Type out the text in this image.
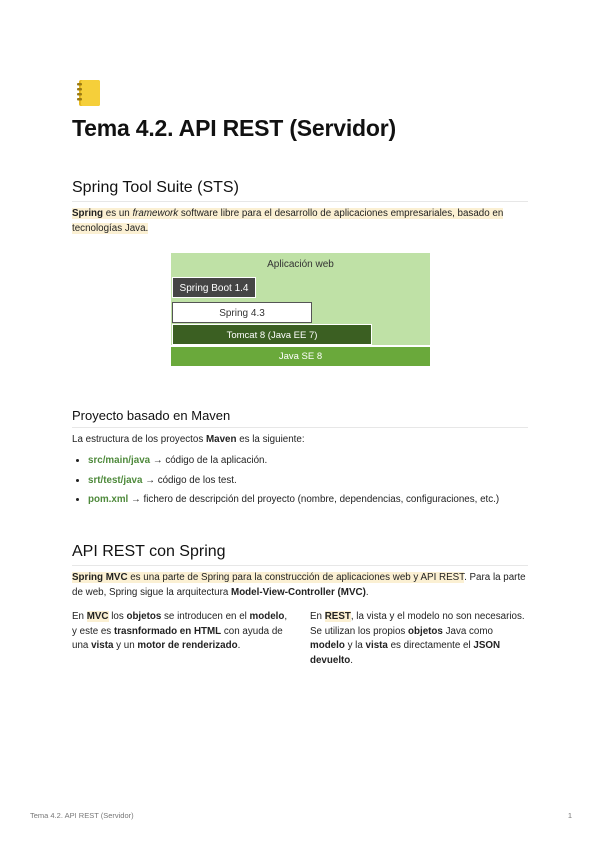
Tema 4.2. API REST (Servidor)
Spring Tool Suite (STS)
Spring es un framework software libre para el desarrollo de aplicaciones empresariales, basado en tecnologías Java.
Aplicación web
Spring Boot 1.4
Spring 4.3
Tomcat 8 (Java EE 7)
Java SE 8
Proyecto basado en Maven
La estructura de los proyectos Maven es la siguiente:
• src/main/java → código de la aplicación.
• srt/test/java → código de los test.
• pom.xml → fichero de descripción del proyecto (nombre, dependencias, configuraciones, etc.)
API REST con Spring
Spring MVC es una parte de Spring para la construcción de aplicaciones web y API REST. Para la parte de web, Spring sigue la arquitectura Model-View-Controller (MVC).
En MVC los objetos se introducen en el modelo, y este es trasnformado en HTML con ayuda de una vista y un motor de renderizado.
En REST, la vista y el modelo no son necesarios. Se utilizan los propios objetos Java como modelo y la vista es directamente el JSON devuelto.
Tema 4.2. API REST (Servidor)	1
